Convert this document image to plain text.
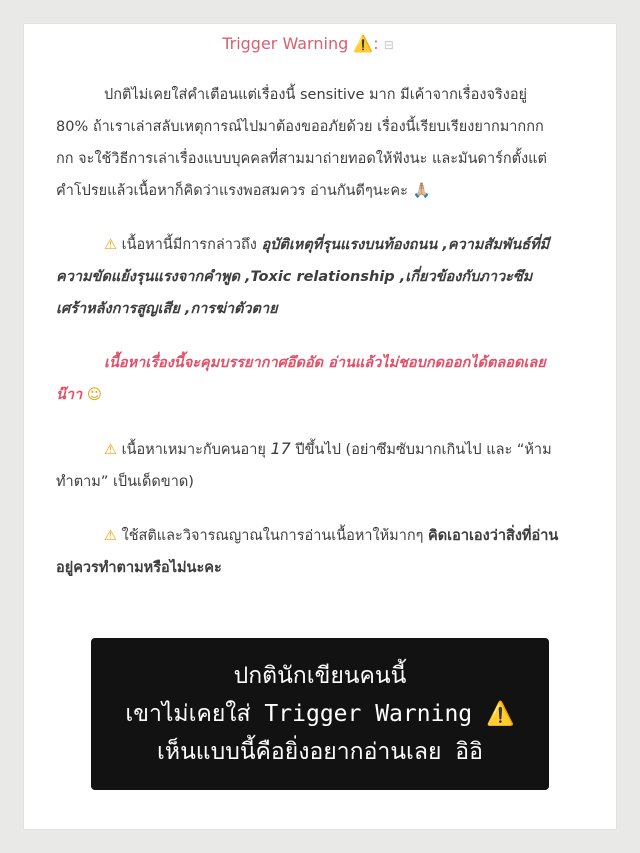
Trigger Warning ⚠️: ⊟

ปกติไม่เคยใส่คำเตือนแต่เรื่องนี้ sensitive มาก มีเค้าจากเรื่องจริงอยู่ 80% ถ้าเราเล่าสลับเหตุการณ์ไปมาต้องขออภัยด้วย เรื่องนี้เรียบเรียงยากมากกกกก จะใช้วิธีการเล่าเรื่องแบบบุคคลที่สามมาถ่ายทอดให้ฟังนะ และมันดาร์กตั้งแต่คำโปรยแล้วเนื้อหาก็คิดว่าแรงพอสมควร อ่านกันดีๆนะคะ 🙏🏼

⚠ เนื้อหานี้มีการกล่าวถึง อุบัติเหตุที่รุนแรงบนท้องถนน ,ความสัมพันธ์ที่มีความขัดแย้งรุนแรงจากคำพูด ,Toxic relationship ,เกี่ยวข้องกับภาวะซึมเศร้าหลังการสูญเสีย ,การฆ่าตัวตาย

เนื้อหาเรื่องนี้จะคุมบรรยากาศอึดอัด อ่านแล้วไม่ชอบกดออกได้ตลอดเลยน๊าา ☺

⚠ เนื้อหาเหมาะกับคนอายุ 17 ปีขึ้นไป (อย่าซึมซับมากเกินไป และ “ห้ามทำตาม” เป็นเด็ดขาด)

⚠ ใช้สติและวิจารณญาณในการอ่านเนื้อหาให้มากๆ คิดเอาเองว่าสิ่งที่อ่านอยู่ควรทำตามหรือไม่นะคะ

ปกตินักเขียนคนนี้
เขาไม่เคยใส่ Trigger Warning ⚠️
เห็นแบบนี้คือยิ่งอยากอ่านเลย อิอิ
